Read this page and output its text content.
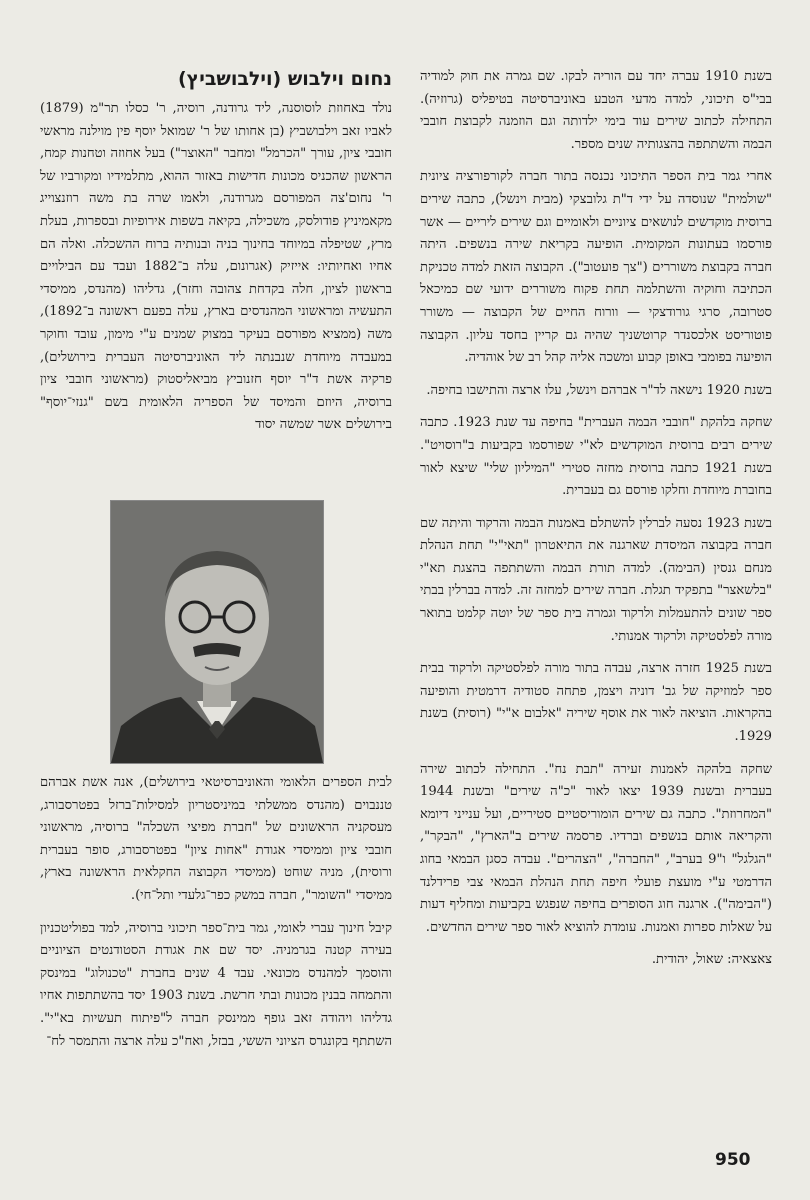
בשנת 1910 עברה יחד עם הוריה לבקו. שם גמרה את חוק למודיה בבי"ס תיכוני, למדה מדעי הטבע באוניברסיטה בטיפליס (גרוזיה). התחילה לכתוב שירים עוד בימי ילדותה וגם הוזמנה לקבוצת חובבי הבמה והשתתפה בהצגותיה שנים מספר.

אחרי גמר בית הספר התיכוני נכנסה בתור חברה לקורפורציה ציונית "שולמית" שנוסדה על ידי ד"ת גלובצקי (מבית וינשל), כתבה שירים ברוסית מוקדשים לנושאים ציוניים ולאומיים וגם שירים ליריים — אשר פורסמו בעתונות המקומית. הופיעה בקריאת שירה בנשפים. היתה חברה בקבוצת משוררים ("צך פועטוב"). הקבוצה הזאת למדה טכניקת הכתיבה וחוקיה והשתלמה תחת פקוח משוררים ידועי שם כמיכאל סטרובה, סרגי גורודצקי — וורוח החיים של הקבוצה — משורר פוטוריסט אלכסנדר קרוטשניך שהיה גם קריין בחסד עליון. הקבוצה הופיעה בפומבי באופן קבוע ומשכה אליה קהל רב של אוהדיה.

בשנת 1920 נישאה לד"ר אברהם וינשל, עלו ארצה והתישבו בחיפה.

שחקה בלהקת "חובבי הבמה העברית" בחיפה עד שנת 1923. כתבה שירים רבים ברוסית המוקדשים לא"י שפורסמו בקביעות ב"רוסויט". בשנת 1921 כתבה ברוסית מחזה סטירי "המיליון שלי" שיצא לאור בחוברת מיוחדת וחלקו פורסם גם בעברית.

בשנת 1923 נסעה לברלין להשתלם באמנות הבמה והרקוד והיתה שם חברה בקבוצה המיסדת שארגנה את התיאטרון "תאי"י" תחת הנהלת מנחם גנסין (הבימה). למדה תורת הבמה והשתתפה בהצגת תא"י "בלשאצר" בתפקיד תגלת. חברה שירים למחזה זה. למדה בברלין בבתי ספר שונים להתעמלות ולרקוד וגמרה בית ספר של יוטה קלמט בתואר מורה לפלסטיקה ולרקוד אמנותי.

בשנת 1925 חזרה ארצה, עבדה בתור מורה לפלסטיקה ולרקוד בבית ספר למוזיקה של גב' דוניה ויצמן, פתחה סטודיה דרמטית והופיעה בהקראות. הוציאה לאור את אוסף שיריה "אלבום א"י" (רוסית) בשנת 1929.

שחקה בלהקה לאמנות זעירה "תבת נח". התחילה לכתוב שירה בעברית ובשנת 1939 יצאו לאור "כ"ה שירים" ובשנת 1944 "המחרוזת". כתבה גם שירים הומוריסטיים סטיריים, ועל ענייני דיומא והקריאה אותם בנשפים וברדיו. פרסמה שירים ב"הארץ", "הבקר", "הגלגל" ו"9 בערב", "החברה", "הצהרים". עבדה כסגן הבמאי בחוג הדרמטי ע"י מועצת פועלי חיפה תחת הנהלת הבמאי צבי פרידלנד ("הבימה"). ארגנה חוג הסופרים בחיפה שנפגש בקביעות ומחליף דעות על שאלות ספרות ואמנות. עומדת להוציא לאור ספר שירים החדשים.

צאצאיה: שאול, יהודית.

נחום וילבוש (וילבושביץ)

נולד באחוזת לוסוסנה, ליד גרודנה, רוסיה, ר' כסלו תר"מ (1879) לאביו זאב וילבושביץ (בן אחותו של ר' שמואל יוסף פין מוילנה מראשי חובבי ציון, עורך "הכרמל" ומחבר "האוצר") בעל אחוזה וטחנות קמח, הראשון שהכניס מכונות חדישות באזור ההוא, מתלמידיו ומקורביו של ר' נחום'צה המפורסם מגרודנה, ולאמו שרה בת משה רוזנצוייג מקאמיניץ פודולסק, משכילה, בקיאה בשפות אירופיות ובספרות, בעלת מרץ, שטיפלה במיוחד בחינוך בניה ובנותיה ברוח ההשכלה. ואלה הם אחיו ואחיותיו: אייזיק (אגרונום, עלה ב־1882 ועבד עם הבילויים בראשון לציון, חלה בקדחת צהובה וחזר), גדליהו (מהנדס, ממיסדי התעשיה ומראשוני המהנדסים בארץ, עלה בפעם ראשונה ב־1892), משה (ממציא מפורסם בעיקר במצוק שמנים ע"י מימון, עובד וחוקר במעבדה מיוחדת שנבנתה ליד האוניברסיטה העברית בירושלים), פרקיה אשת ד"ר יוסף חזנוביץ מביאליסטוק (מראשוני חובבי ציון ברוסיה, היוזם והמיסד של הספריה הלאומית בשם "גנזי־יוסף" בירושלים אשר שמשה יסוד

לבית הספרים הלאומי והאוניברסיטאי בירושלים), אנה אשת אברהם טננבוים (מהנדס ממשלתי במיניסטריון למסילות־ברזל בפטרסבורג, מעסקניה הראשונים של "חברת מפיצי השכלה" ברוסיה, מראשוני חובבי ציון וממיסדי אגודת "אחות ציון" בפטרסבורג, סופר בעברית ורוסית), מניה שוחט (ממיסדי הקבוצה החקלאית הראשונה בארץ, ממיסדי "השומר", חברה במשק כפר־גלעדי ותל־חי).

קיבל חינוך עברי לאומי, גמר בית־ספר תיכוני ברוסיה, למד בפוליטכניון בעירה קטנה בגרמניה. יסד שם את אגודת הסטודנטים הציוניים והוסמך למהנדס מכונאי. עבד 4 שנים בחברת "טכנולוג" במינסק והתמחה בבנין מכונות ובתי חרשת. בשנת 1903 יסד בהשתתפות אחיו גדליהו ויהודה זאב גופף ממינסק חברה ל"פיתוח תעשיות בא"י". השתתף בקונגרס הציוני הששי, בבזל, ואח"כ עלה ארצה והתמסר לח־

950
